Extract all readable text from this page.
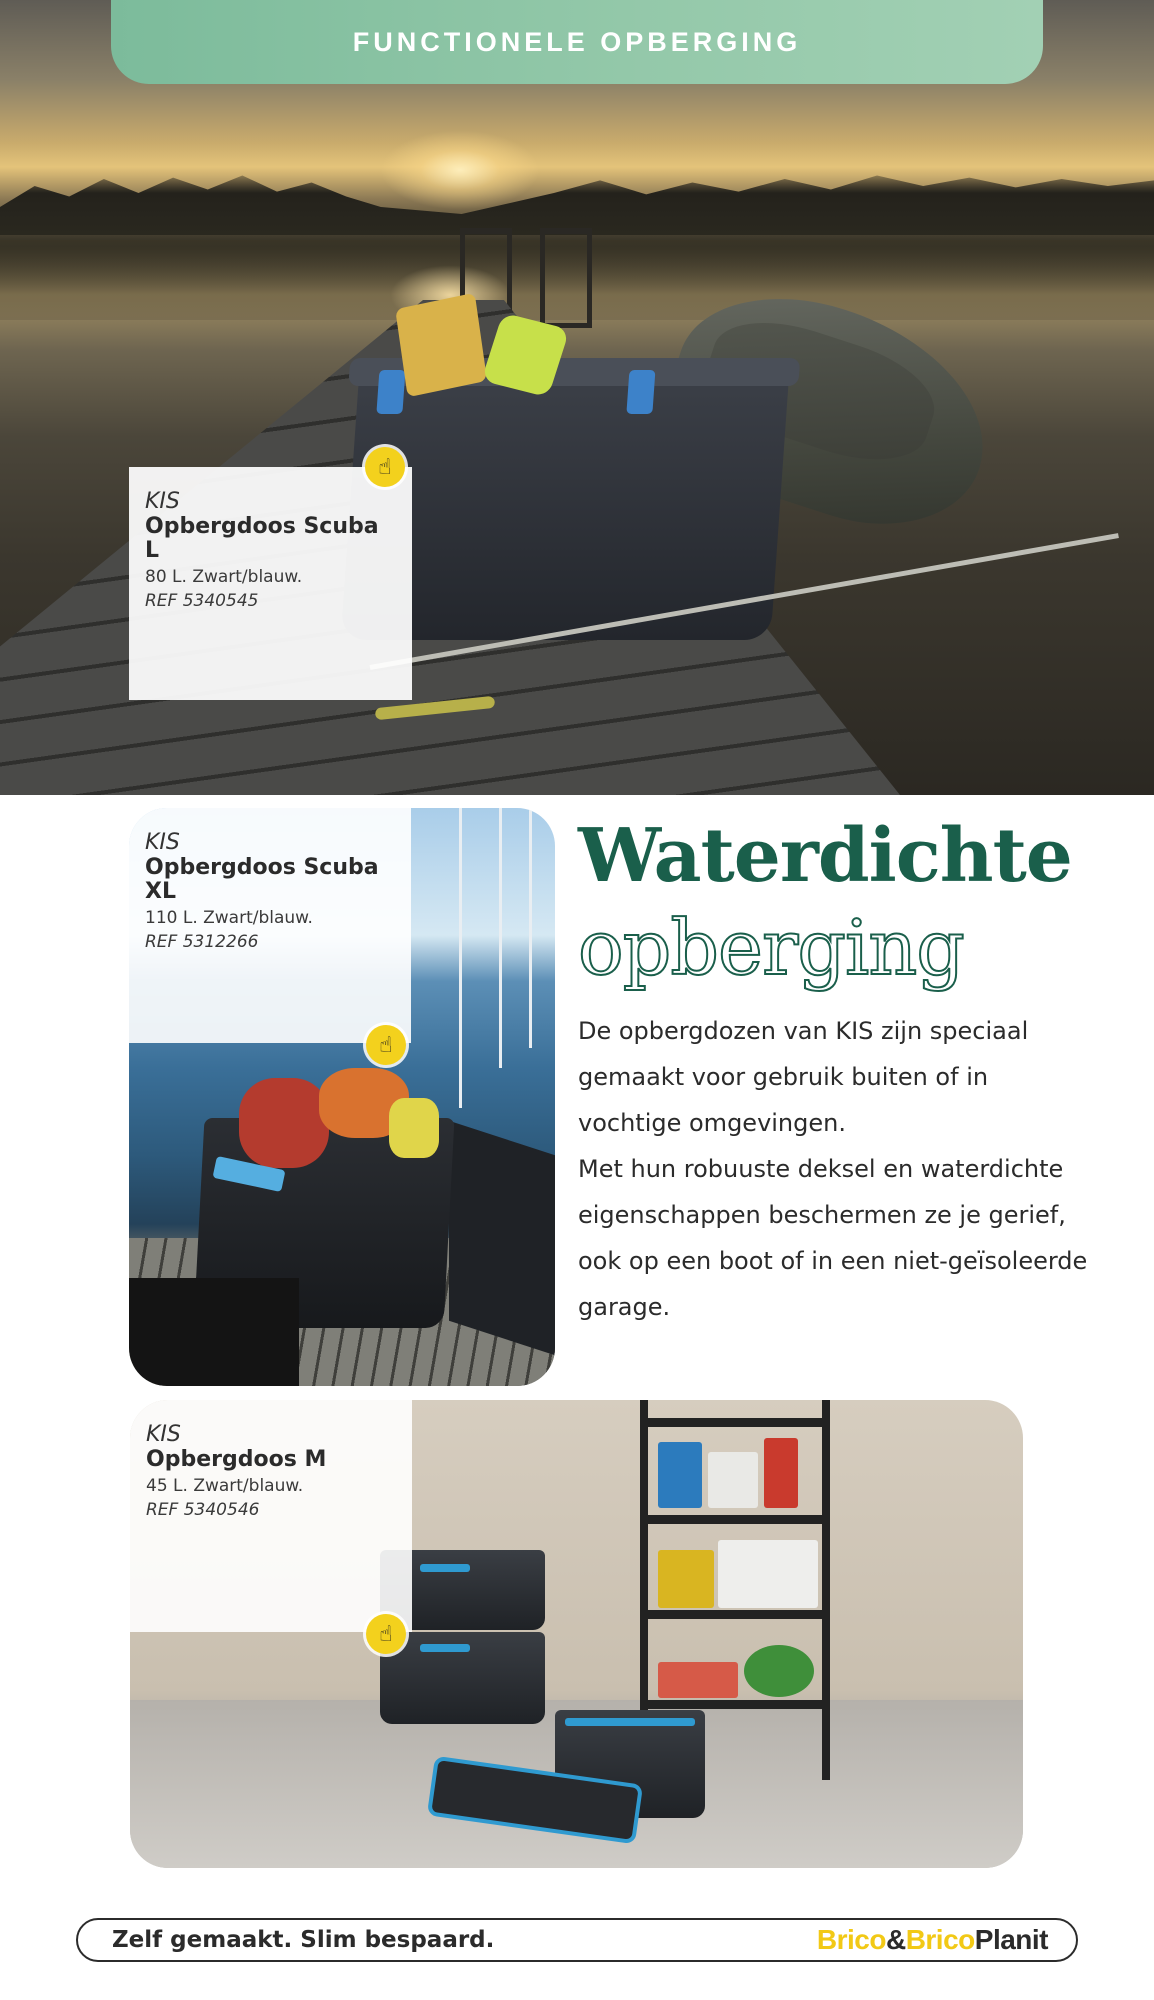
FUNCTIONELE OPBERGING
KIS
Opbergdoos Scuba L
80 L. Zwart/blauw.
REF 5340545
☝
KIS
Opbergdoos Scuba XL
110 L. Zwart/blauw.
REF 5312266
☝
Waterdichte
opberging

De opbergdozen van KIS zijn speciaal gemaakt voor gebruik buiten of in vochtige omgevingen.

Met hun robuuste deksel en waterdichte eigenschappen beschermen ze je gerief, ook op een boot of in een niet-geïsoleerde garage.

KIS
Opbergdoos M
45 L. Zwart/blauw.
REF 5340546
☝
Zelf gemaakt. Slim bespaard.	Brico&BricoPlanit
